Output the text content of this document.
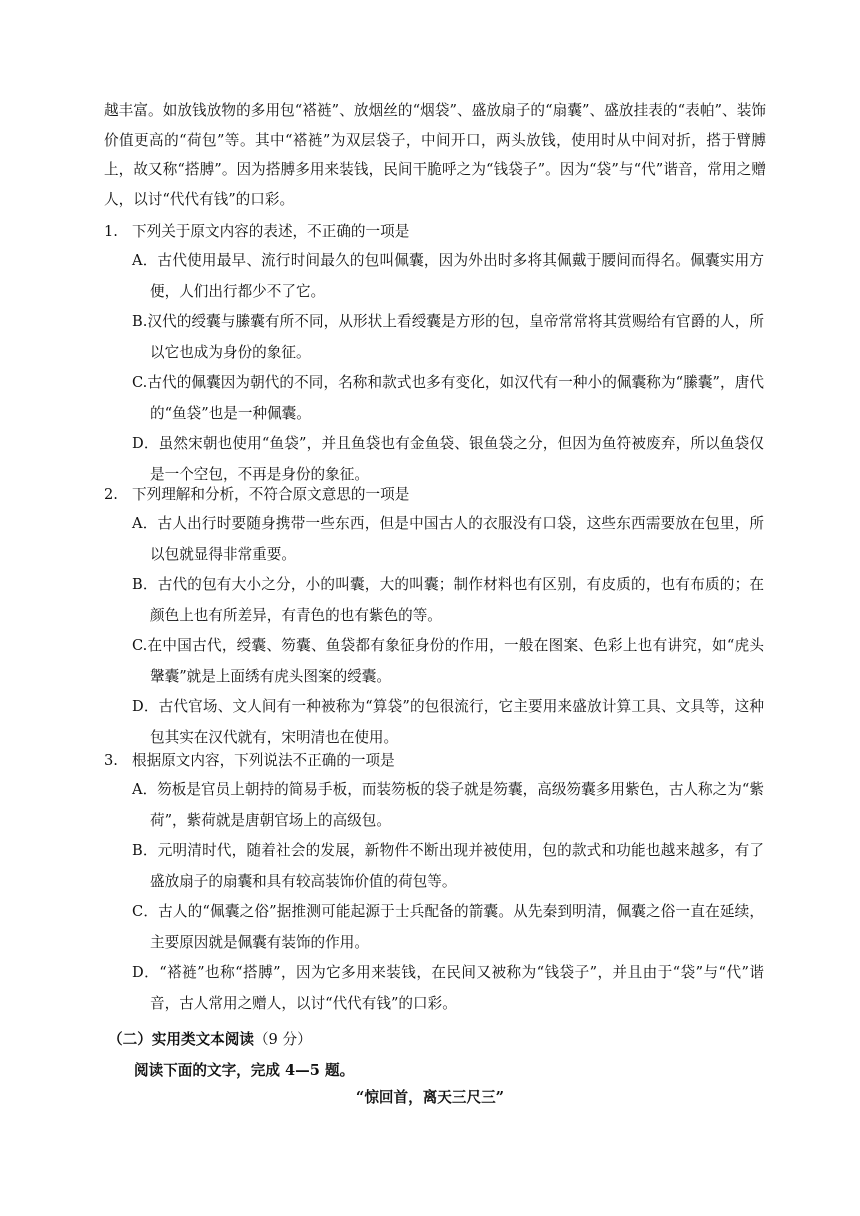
越丰富。如放钱放物的多用包“褡裢”、放烟丝的“烟袋”、盛放扇子的“扇囊”、盛放挂表的“表帕”、装饰价值更高的“荷包”等。其中“褡裢”为双层袋子，中间开口，两头放钱，使用时从中间对折，搭于臂膊上，故又称“搭膊”。因为搭膊多用来装钱，民间干脆呼之为“钱袋子”。因为“袋”与“代”谐音，常用之赠人，以讨“代代有钱”的口彩。
1. 下列关于原文内容的表述，不正确的一项是
A．古代使用最早、流行时间最久的包叫佩囊，因为外出时多将其佩戴于腰间而得名。佩囊实用方便，人们出行都少不了它。
B.汉代的绶囊与縢囊有所不同，从形状上看绶囊是方形的包，皇帝常常将其赏赐给有官爵的人，所以它也成为身份的象征。
C.古代的佩囊因为朝代的不同，名称和款式也多有变化，如汉代有一种小的佩囊称为“縢囊”，唐代的“鱼袋”也是一种佩囊。
D．虽然宋朝也使用“鱼袋”，并且鱼袋也有金鱼袋、银鱼袋之分，但因为鱼符被废弃，所以鱼袋仅是一个空包，不再是身份的象征。
2. 下列理解和分析，不符合原文意思的一项是
A．古人出行时要随身携带一些东西，但是中国古人的衣服没有口袋，这些东西需要放在包里，所以包就显得非常重要。
B．古代的包有大小之分，小的叫囊，大的叫囊；制作材料也有区别，有皮质的，也有布质的；在颜色上也有所差异，有青色的也有紫色的等。
C.在中国古代，绶囊、笏囊、鱼袋都有象征身份的作用，一般在图案、色彩上也有讲究，如“虎头鞶囊”就是上面绣有虎头图案的绶囊。
D．古代官场、文人间有一种被称为“算袋”的包很流行，它主要用来盛放计算工具、文具等，这种包其实在汉代就有，宋明清也在使用。
3. 根据原文内容，下列说法不正确的一项是
A．笏板是官员上朝持的简易手板，而装笏板的袋子就是笏囊，高级笏囊多用紫色，古人称之为“紫荷”，紫荷就是唐朝官场上的高级包。
B．元明清时代，随着社会的发展，新物件不断出现并被使用，包的款式和功能也越来越多，有了盛放扇子的扇囊和具有较高装饰价值的荷包等。
C．古人的“佩囊之俗”据推测可能起源于士兵配备的箭囊。从先秦到明清，佩囊之俗一直在延续，主要原因就是佩囊有装饰的作用。
D．“褡裢”也称“搭膊”，因为它多用来装钱，在民间又被称为“钱袋子”，并且由于“袋”与“代”谐音，古人常用之赠人，以讨“代代有钱”的口彩。
（二）实用类文本阅读（9 分）
阅读下面的文字，完成 4—5 题。
“惊回首，离天三尺三”
